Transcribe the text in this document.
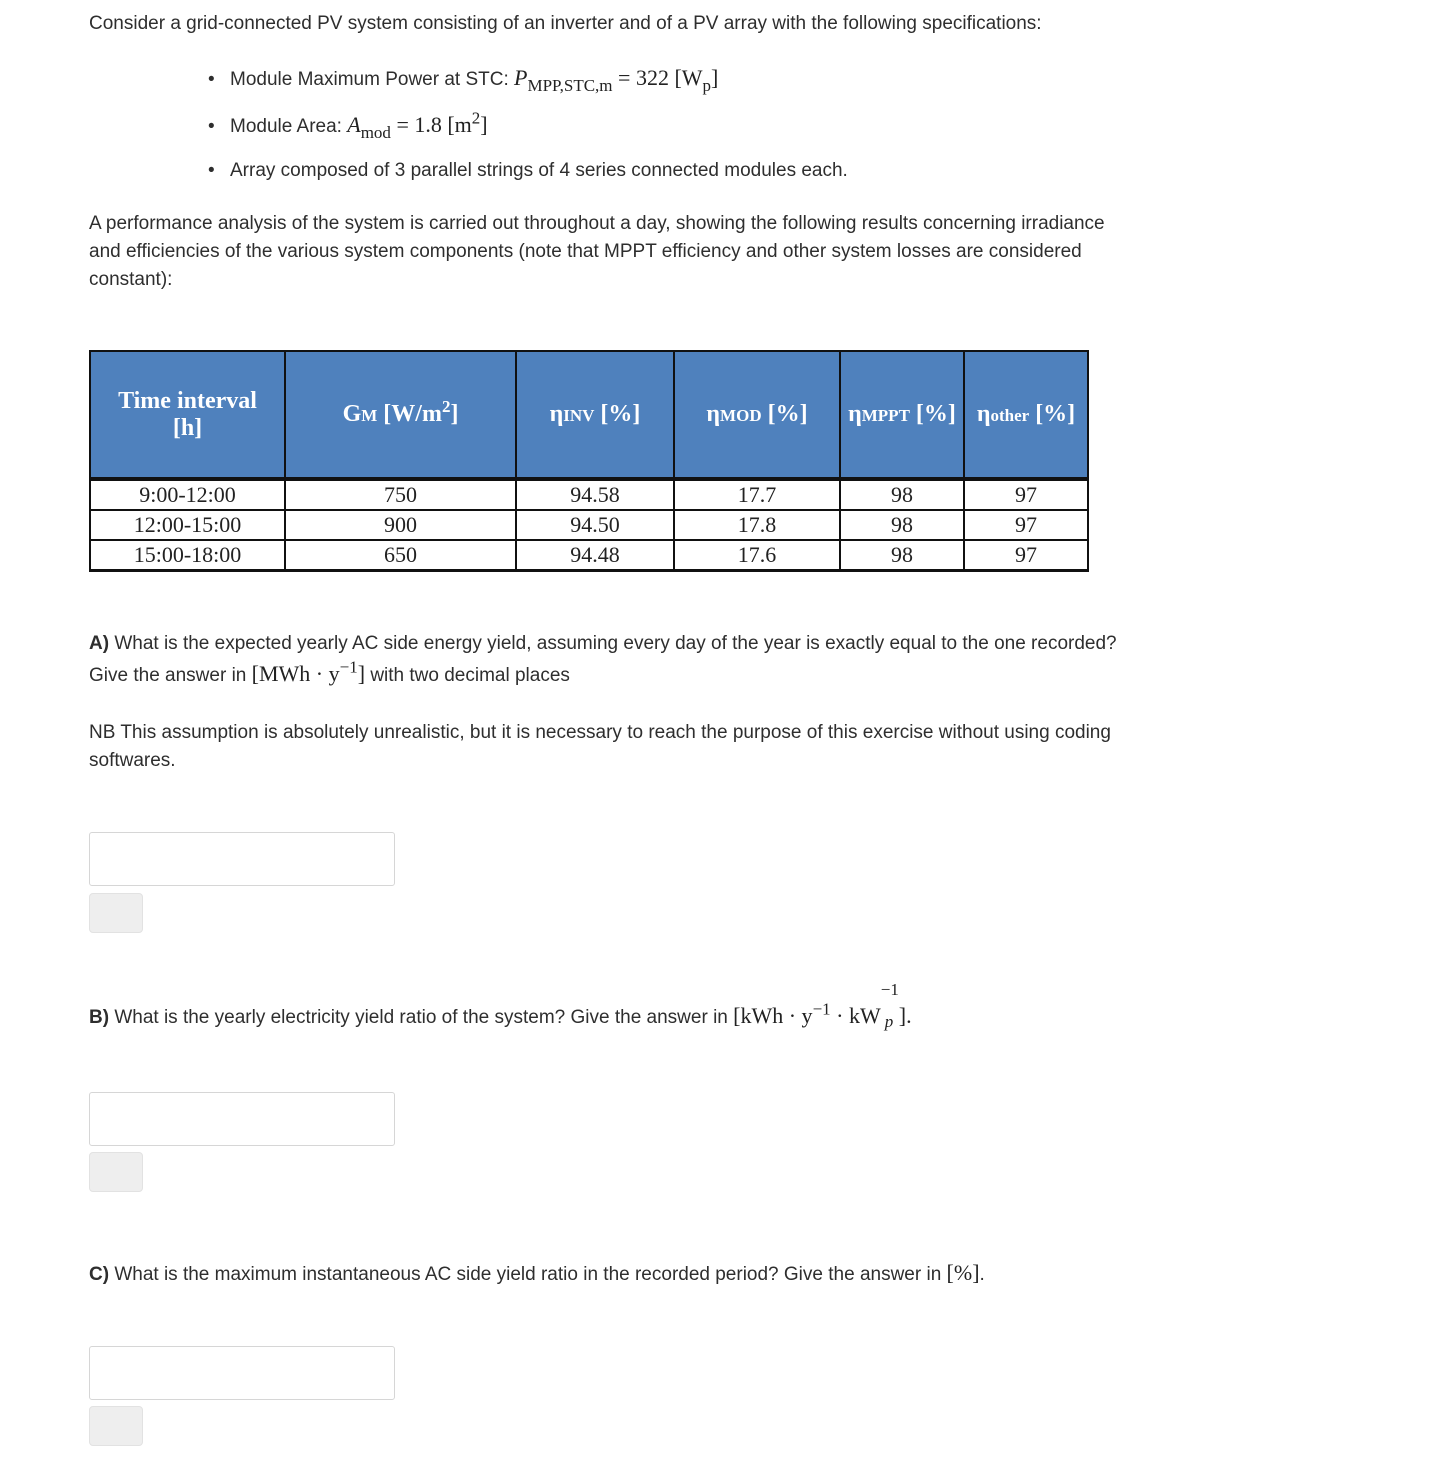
Consider a grid-connected PV system consisting of an inverter and of a PV array with the following specifications:
• Module Maximum Power at STC: $P_{MPP,STC,m} = 322$ $[W_p]$
• Module Area: $A_{mod} = 1.8$ $[m^2]$
• Array composed of 3 parallel strings of 4 series connected modules each.
A performance analysis of the system is carried out throughout a day, showing the following results concerning irradiance
and efficiencies of the various system components (note that MPPT efficiency and other system losses are considered
constant):
Time interval
[h]	GM $[W/m^2]$	ηINV [%]	ηMOD [%]	ηMPPT [%]	ηother [%]
9:00-12:00	750	94.58	17.7	98	97
12:00-15:00	900	94.50	17.8	98	97
15:00-18:00	650	94.48	17.6	98	97
A) What is the expected yearly AC side energy yield, assuming every day of the year is exactly equal to the one recorded?
Give the answer in $[MWh \cdot y^{-1}]$ with two decimal places
NB This assumption is absolutely unrealistic, but it is necessary to reach the purpose of this exercise without using coding
softwares.
B) What is the yearly electricity yield ratio of the system? Give the answer in [$kWh \cdot y^{-1}$ · kW
−1
p ].
C) What is the maximum instantaneous AC side yield ratio in the recorded period? Give the answer in [%].
